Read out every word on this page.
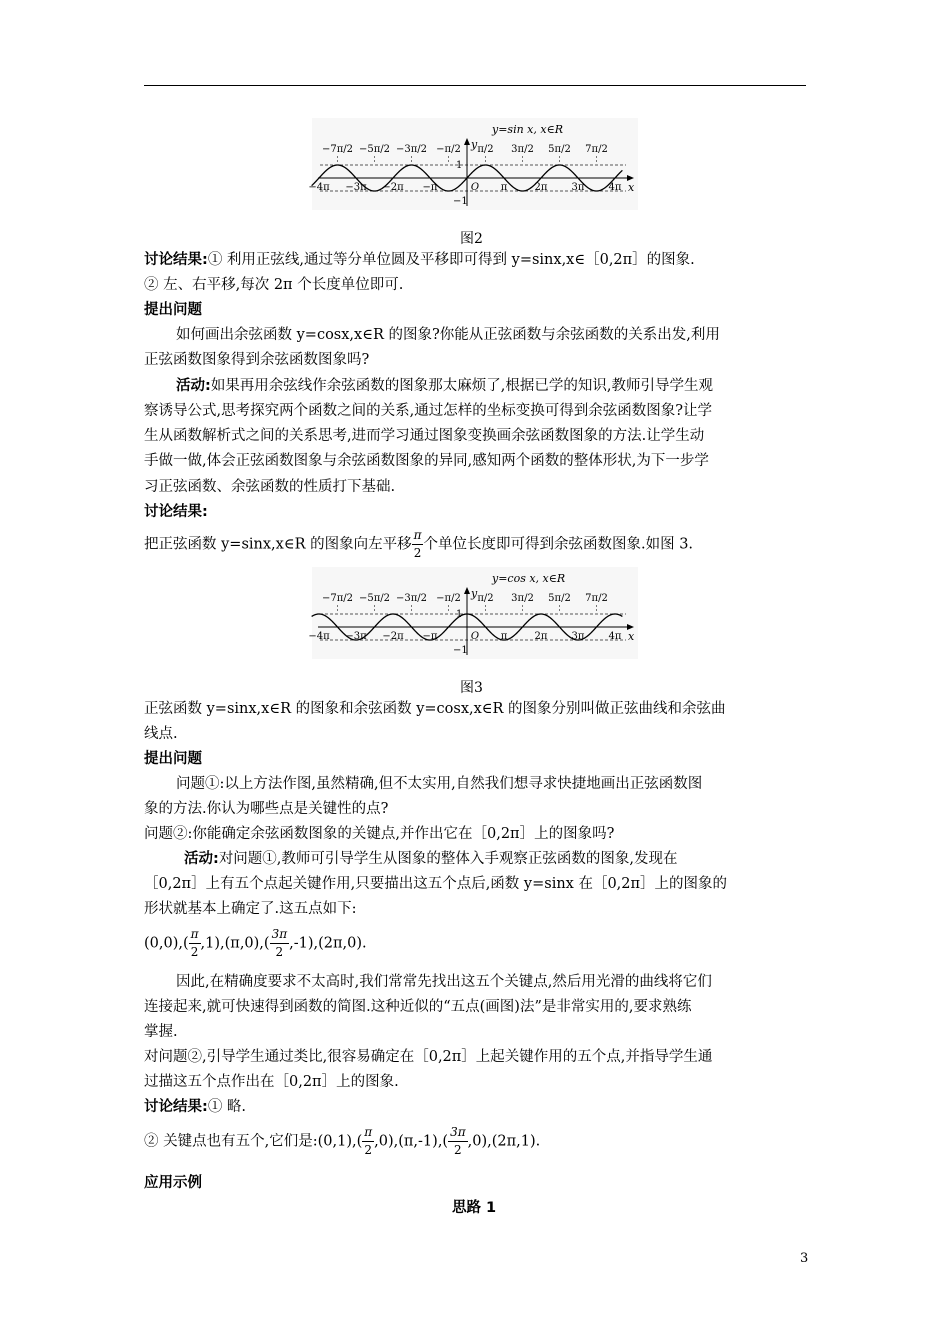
y=sin x, x∈R
−7π/2 −5π/2 −3π/2 −π/2 π/2 3π/2 5π/2 7π/2
x
y
1
−1
−4π −3π −2π −π	O π	2π 3π 4π
图2
讨论结果:① 利用正弦线,通过等分单位圆及平移即可得到 y=sinx,x∈［0,2π］的图象.
② 左、右平移,每次 2π 个长度单位即可.
提出问题
如何画出余弦函数 y=cosx,x∈R 的图象?你能从正弦函数与余弦函数的关系出发,利用
正弦函数图象得到余弦函数图象吗?
活动:如果再用余弦线作余弦函数的图象那太麻烦了,根据已学的知识,教师引导学生观
察诱导公式,思考探究两个函数之间的关系,通过怎样的坐标变换可得到余弦函数图象?让学
生从函数解析式之间的关系思考,进而学习通过图象变换画余弦函数图象的方法.让学生动
手做一做,体会正弦函数图象与余弦函数图象的异同,感知两个函数的整体形状,为下一步学
习正弦函数、余弦函数的性质打下基础.
讨论结果:
把正弦函数 y=sinx,x∈R 的图象向左平移 $\frac{\pi}{2}$ 个单位长度即可得到余弦函数图象.如图 3.
y=cos x, x∈R
−7π/2 −5π/2 −3π/2 −π/2 π/2 3π/2 5π/2 7π/2
x
y
1
−1
−4π −3π −2π −π	O π	2π 3π 4π
图3
正弦函数 y=sinx,x∈R 的图象和余弦函数 y=cosx,x∈R 的图象分别叫做正弦曲线和余弦曲
线点.
提出问题
问题①:以上方法作图,虽然精确,但不太实用,自然我们想寻求快捷地画出正弦函数图
象的方法.你认为哪些点是关键性的点?
问题②:你能确定余弦函数图象的关键点,并作出它在［0,2π］上的图象吗?
活动:对问题①,教师可引导学生从图象的整体入手观察正弦函数的图象,发现在
［0,2π］上有五个点起关键作用,只要描出这五个点后,函数 y=sinx 在［0,2π］上的图象的
形状就基本上确定了.这五点如下:
$(0,0),( \frac{\pi}{2} ,1),(\pi,0),( \frac{3\pi}{2} ,-1),(2\pi,0)$.
因此,在精确度要求不太高时,我们常常先找出这五个关键点,然后用光滑的曲线将它们
连接起来,就可快速得到函数的简图.这种近似的“五点(画图)法”是非常实用的,要求熟练
掌握.
对问题②,引导学生通过类比,很容易确定在［0,2π］上起关键作用的五个点,并指导学生通
过描这五个点作出在［0,2π］上的图象.
讨论结果:① 略.
② 关键点也有五个,它们是:(0,1),( $\frac{\pi}{2} ,0),(\pi,-1),( \frac{3\pi}{2} ,0),(2\pi,1)$.
应用示例
思路 1
3
